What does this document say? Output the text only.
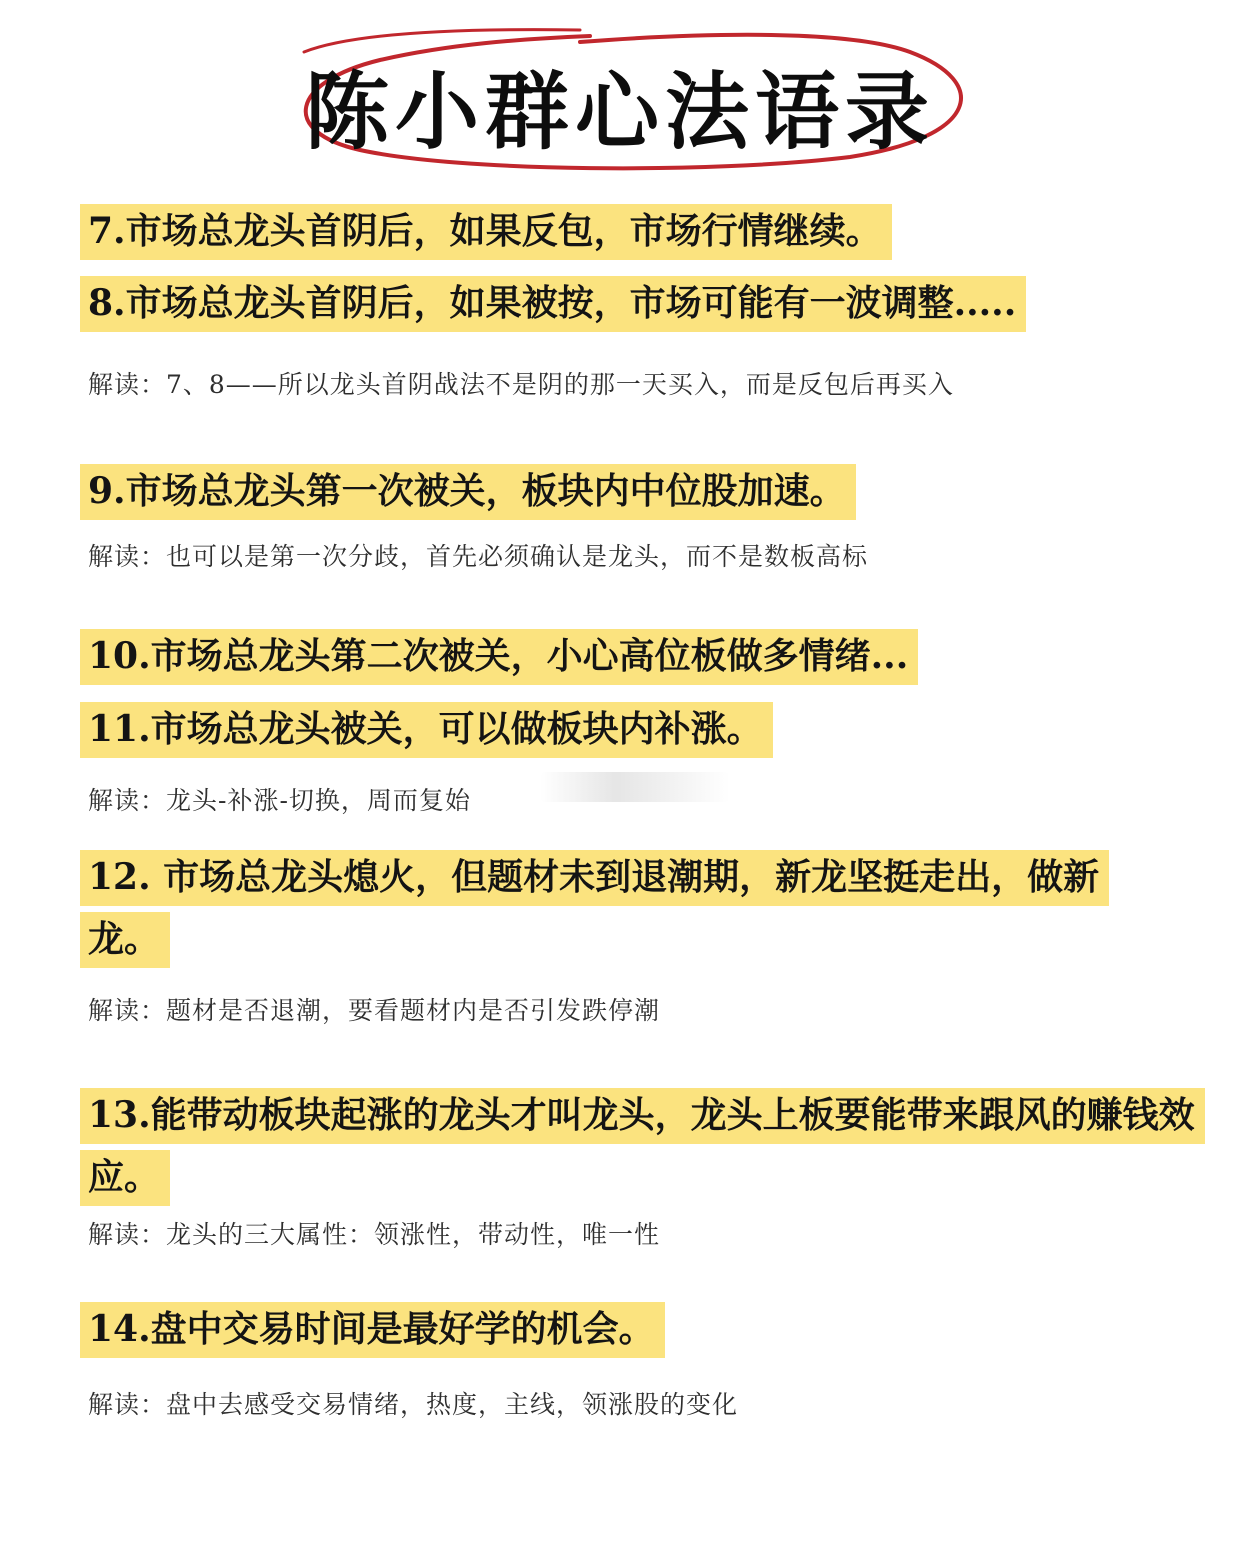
陈小群心法语录

7.市场总龙头首阴后，如果反包，市场行情继续。

8.市场总龙头首阴后，如果被按，市场可能有一波调整.....

解读：7、8——所以龙头首阴战法不是阴的那一天买入，而是反包后再买入

9.市场总龙头第一次被关，板块内中位股加速。

解读：也可以是第一次分歧，首先必须确认是龙头，而不是数板高标

10.市场总龙头第二次被关，小心高位板做多情绪...

11.市场总龙头被关，可以做板块内补涨。

解读：龙头-补涨-切换，周而复始

12. 市场总龙头熄火，但题材未到退潮期，新龙坚挺走出，做新龙。

解读：题材是否退潮，要看题材内是否引发跌停潮

13.能带动板块起涨的龙头才叫龙头，龙头上板要能带来跟风的赚钱效应。

解读：龙头的三大属性：领涨性，带动性，唯一性

14.盘中交易时间是最好学的机会。

解读：盘中去感受交易情绪，热度，主线，领涨股的变化
